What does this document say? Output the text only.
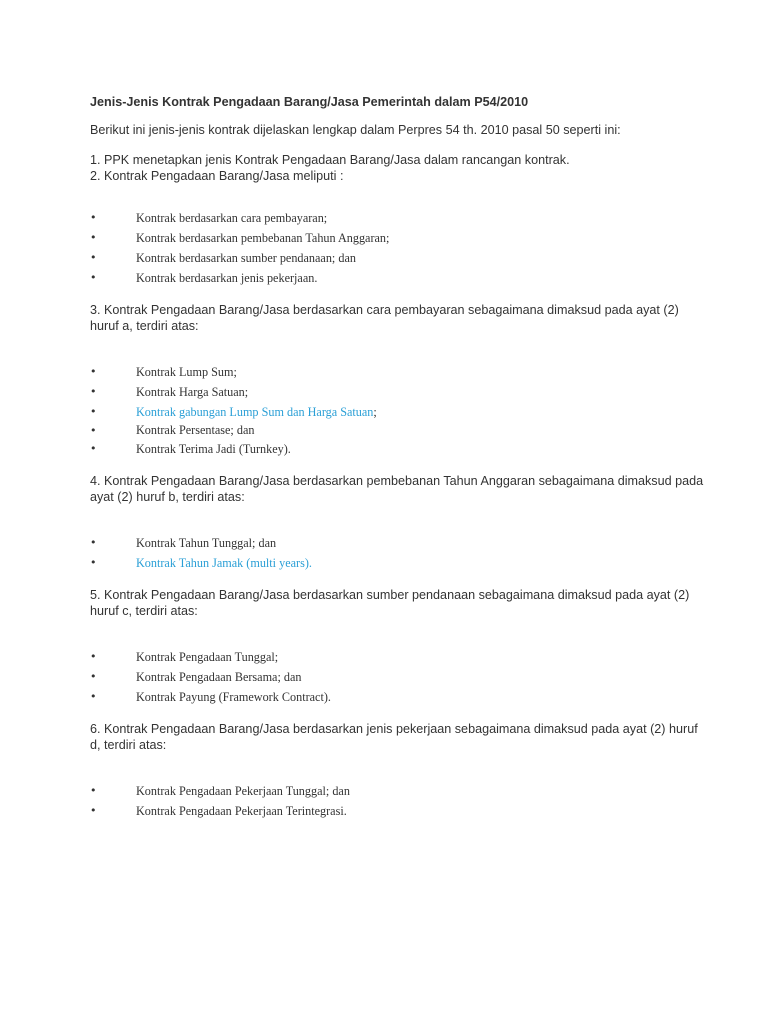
Jenis-Jenis Kontrak Pengadaan Barang/Jasa Pemerintah dalam P54/2010

Berikut ini jenis-jenis kontrak dijelaskan lengkap dalam Perpres 54 th. 2010 pasal 50 seperti ini:

1. PPK menetapkan jenis Kontrak Pengadaan Barang/Jasa dalam rancangan kontrak.

2. Kontrak Pengadaan Barang/Jasa meliputi :

•	Kontrak berdasarkan cara pembayaran;
•	Kontrak berdasarkan pembebanan Tahun Anggaran;
•	Kontrak berdasarkan sumber pendanaan; dan
•	Kontrak berdasarkan jenis pekerjaan.

3. Kontrak Pengadaan Barang/Jasa berdasarkan cara pembayaran sebagaimana dimaksud pada ayat (2) huruf a, terdiri atas:

•	Kontrak Lump Sum;
•	Kontrak Harga Satuan;
•	Kontrak gabungan Lump Sum dan Harga Satuan;
•	Kontrak Persentase; dan
•	Kontrak Terima Jadi (Turnkey).

4. Kontrak Pengadaan Barang/Jasa berdasarkan pembebanan Tahun Anggaran sebagaimana dimaksud pada ayat (2) huruf b, terdiri atas:

•	Kontrak Tahun Tunggal; dan
•	Kontrak Tahun Jamak (multi years).

5. Kontrak Pengadaan Barang/Jasa berdasarkan sumber pendanaan sebagaimana dimaksud pada ayat (2) huruf c, terdiri atas:

•	Kontrak Pengadaan Tunggal;
•	Kontrak Pengadaan Bersama; dan
•	Kontrak Payung (Framework Contract).

6. Kontrak Pengadaan Barang/Jasa berdasarkan jenis pekerjaan sebagaimana dimaksud pada ayat (2) huruf d, terdiri atas:

•	Kontrak Pengadaan Pekerjaan Tunggal; dan
•	Kontrak Pengadaan Pekerjaan Terintegrasi.
